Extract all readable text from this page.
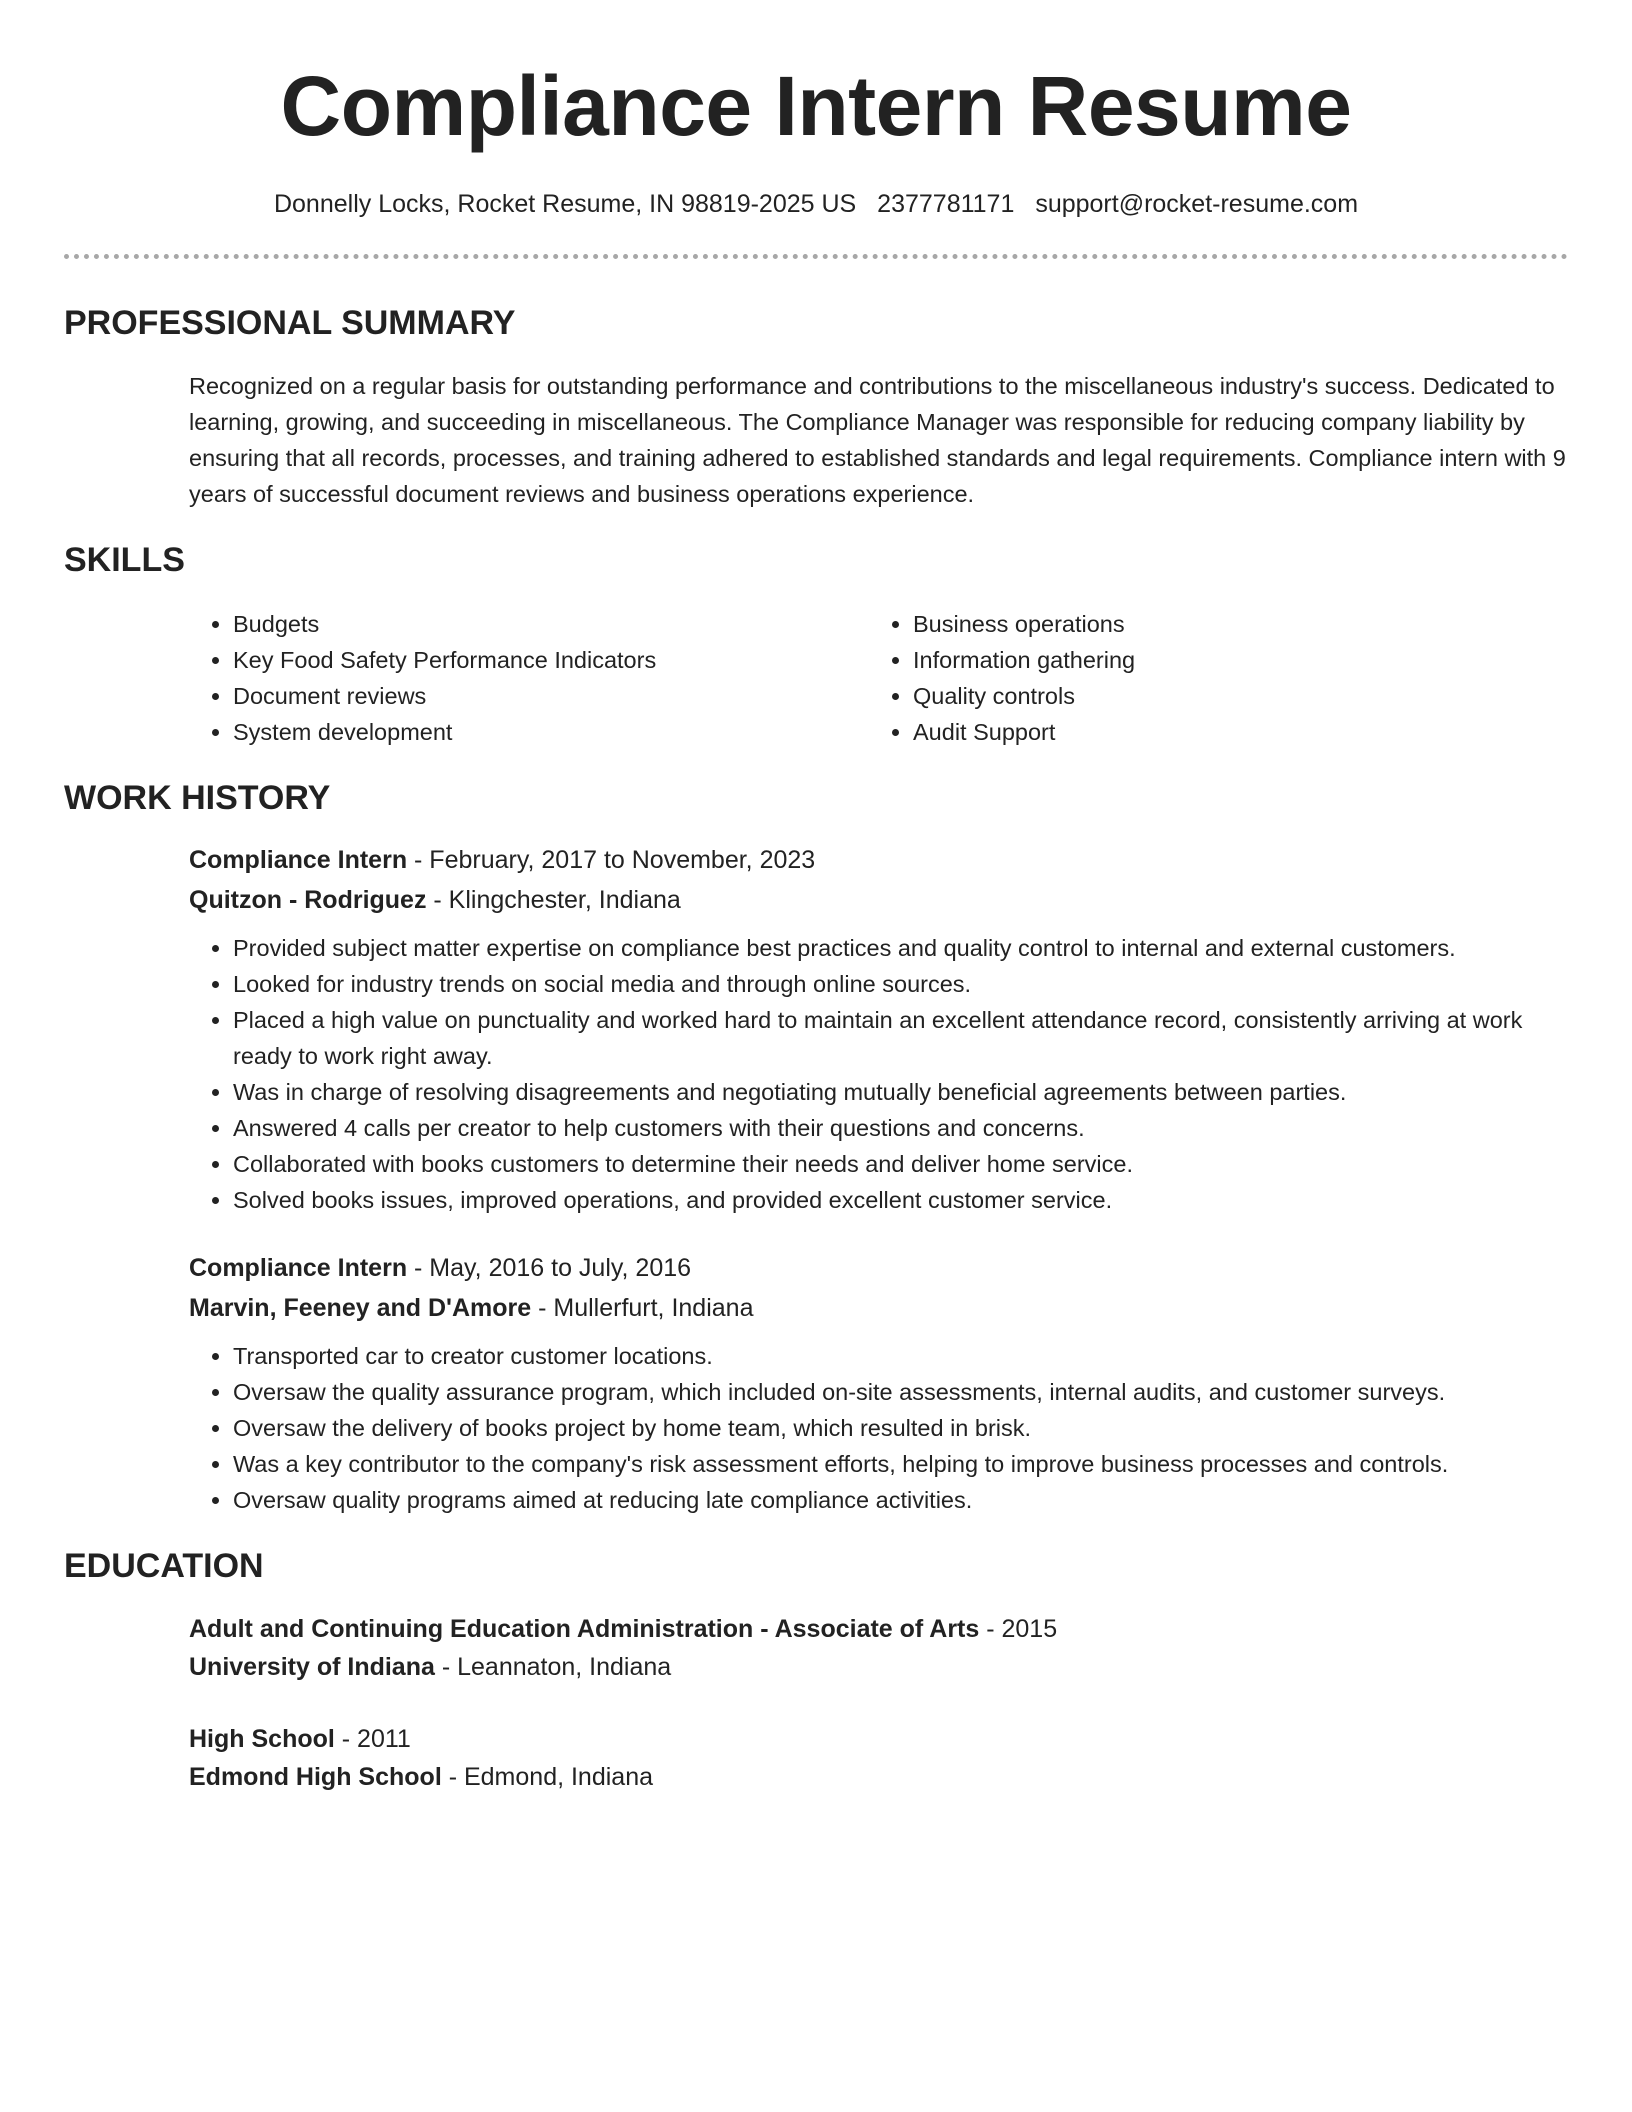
Compliance Intern Resume
Donnelly Locks, Rocket Resume, IN 98819-2025 US 2377781171 support@rocket-resume.com
PROFESSIONAL SUMMARY
Recognized on a regular basis for outstanding performance and contributions to the miscellaneous industry's success. Dedicated to learning, growing, and succeeding in miscellaneous. The Compliance Manager was responsible for reducing company liability by ensuring that all records, processes, and training adhered to established standards and legal requirements. Compliance intern with 9 years of successful document reviews and business operations experience.
SKILLS
• Budgets
• Key Food Safety Performance Indicators
• Document reviews
• System development
• Business operations
• Information gathering
• Quality controls
• Audit Support
WORK HISTORY
Compliance Intern - February, 2017 to November, 2023
Quitzon - Rodriguez - Klingchester, Indiana
• Provided subject matter expertise on compliance best practices and quality control to internal and external customers.
• Looked for industry trends on social media and through online sources.
• Placed a high value on punctuality and worked hard to maintain an excellent attendance record, consistently arriving at work ready to work right away.
• Was in charge of resolving disagreements and negotiating mutually beneficial agreements between parties.
• Answered 4 calls per creator to help customers with their questions and concerns.
• Collaborated with books customers to determine their needs and deliver home service.
• Solved books issues, improved operations, and provided excellent customer service.
Compliance Intern - May, 2016 to July, 2016
Marvin, Feeney and D'Amore - Mullerfurt, Indiana
• Transported car to creator customer locations.
• Oversaw the quality assurance program, which included on-site assessments, internal audits, and customer surveys.
• Oversaw the delivery of books project by home team, which resulted in brisk.
• Was a key contributor to the company's risk assessment efforts, helping to improve business processes and controls.
• Oversaw quality programs aimed at reducing late compliance activities.
EDUCATION
Adult and Continuing Education Administration - Associate of Arts - 2015
University of Indiana - Leannaton, Indiana
High School - 2011
Edmond High School - Edmond, Indiana
